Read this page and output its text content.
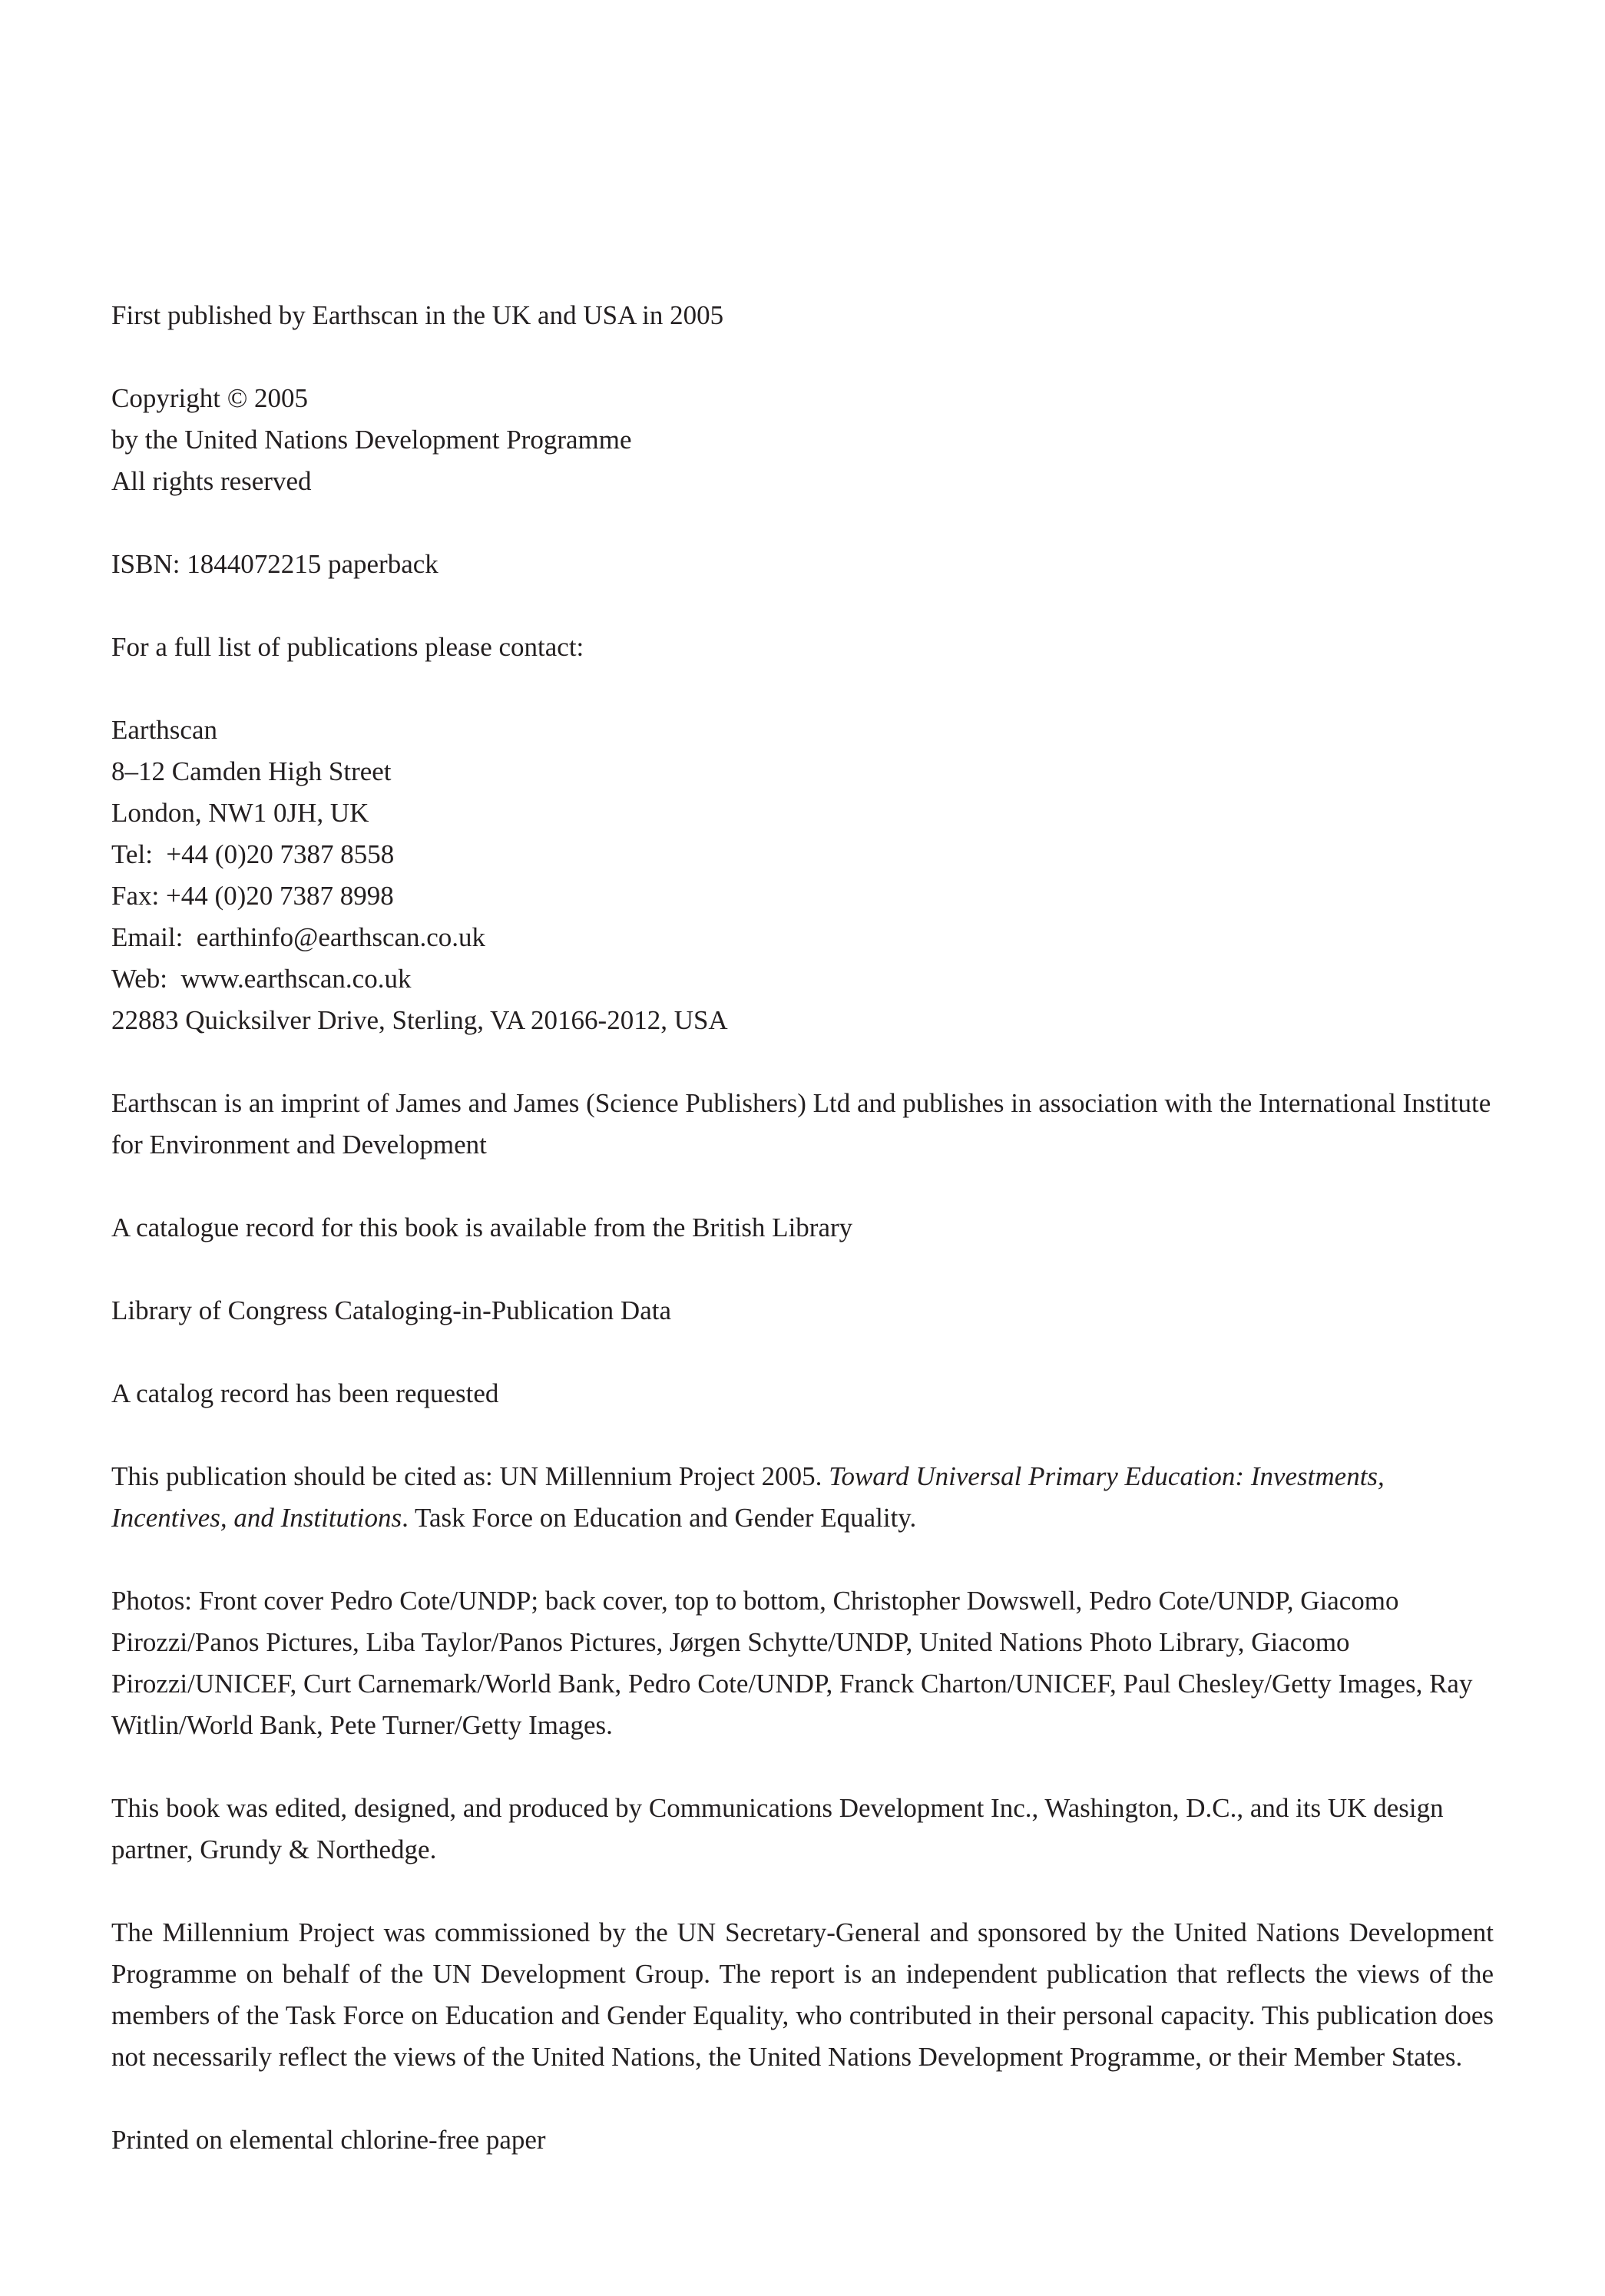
First published by Earthscan in the UK and USA in 2005
Copyright © 2005
by the United Nations Development Programme
All rights reserved
ISBN: 1844072215 paperback
For a full list of publications please contact:
Earthscan
8–12 Camden High Street
London, NW1 0JH, UK
Tel:  +44 (0)20 7387 8558
Fax: +44 (0)20 7387 8998
Email:  earthinfo@earthscan.co.uk
Web:  www.earthscan.co.uk
22883 Quicksilver Drive, Sterling, VA 20166-2012, USA
Earthscan is an imprint of James and James (Science Publishers) Ltd and publishes in association with the International Institute for Environment and Development
A catalogue record for this book is available from the British Library
Library of Congress Cataloging-in-Publication Data
A catalog record has been requested
This publication should be cited as: UN Millennium Project 2005. Toward Universal Primary Education: Investments, Incentives, and Institutions. Task Force on Education and Gender Equality.
Photos: Front cover Pedro Cote/UNDP; back cover, top to bottom, Christopher Dowswell, Pedro Cote/UNDP, Giacomo Pirozzi/Panos Pictures, Liba Taylor/Panos Pictures, Jørgen Schytte/UNDP, United Nations Photo Library, Giacomo Pirozzi/UNICEF, Curt Carnemark/World Bank, Pedro Cote/UNDP, Franck Charton/UNICEF, Paul Chesley/Getty Images, Ray Witlin/World Bank, Pete Turner/Getty Images.
This book was edited, designed, and produced by Communications Development Inc., Washington, D.C., and its UK design partner, Grundy & Northedge.
The Millennium Project was commissioned by the UN Secretary-General and sponsored by the United Nations Development Programme on behalf of the UN Development Group. The report is an independent publication that reflects the views of the members of the Task Force on Education and Gender Equality, who contributed in their personal capacity. This publication does not necessarily reflect the views of the United Nations, the United Nations Development Programme, or their Member States.
Printed on elemental chlorine-free paper
